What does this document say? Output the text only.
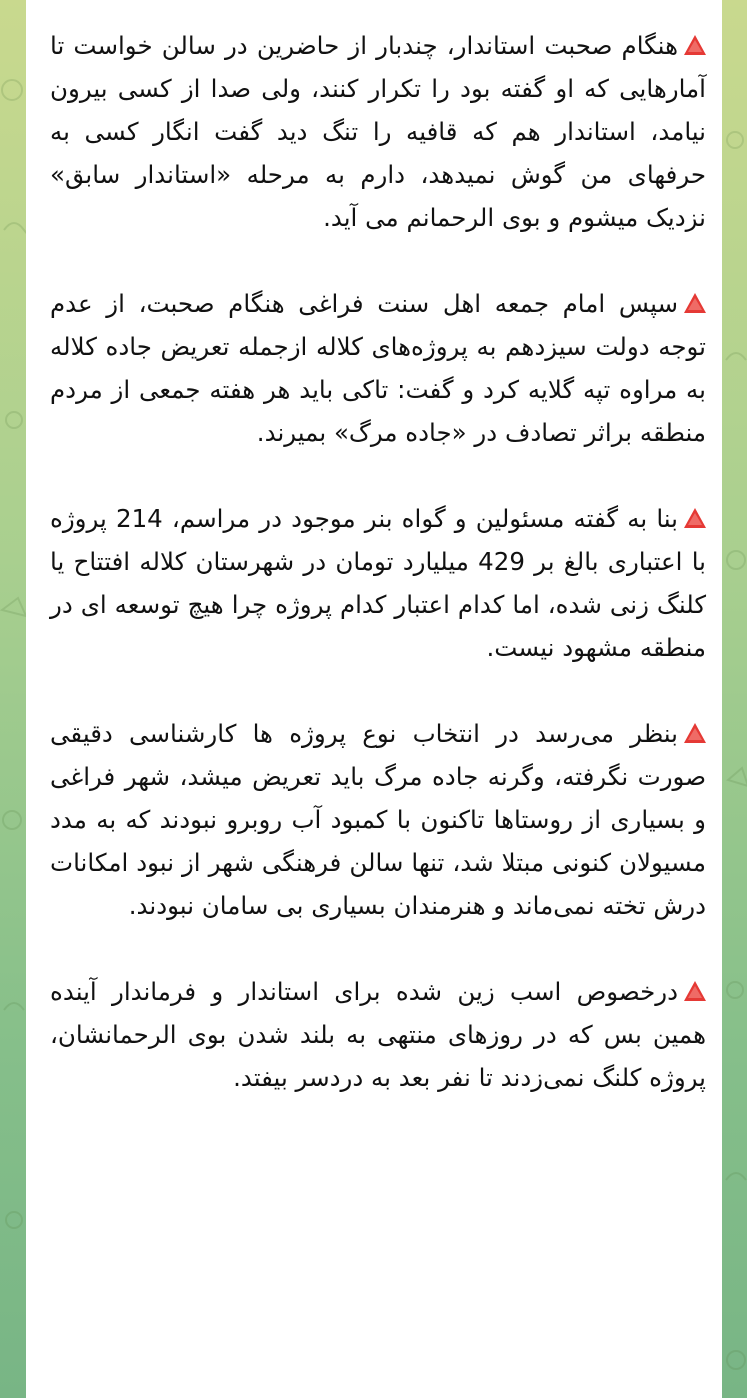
هنگام صحبت استاندار، چندبار از حاضرین در سالن خواست تا آمارهایی که او گفته بود را تکرار کنند، ولی صدا از کسی بیرون نیامد، استاندار هم که قافیه را تنگ دید گفت انگار کسی به حرفهای من گوش نمیدهد، دارم به مرحله «استاندار سابق» نزدیک میشوم و بوی الرحمانم می آید.

سپس امام جمعه اهل سنت فراغی هنگام صحبت، از عدم توجه دولت سیزدهم به پروژه‌های کلاله ازجمله تعریض جاده کلاله به مراوه تپه گلایه کرد و گفت: تاکی باید هر هفته جمعی از مردم منطقه براثر تصادف در «جاده مرگ» بمیرند.

بنا به گفته مسئولین و گواه بنر موجود در مراسم، 214 پروژه با اعتباری بالغ بر 429 میلیارد تومان در شهرستان کلاله افتتاح یا کلنگ زنی شده، اما کدام اعتبار کدام پروژه چرا هیچ توسعه ای در منطقه مشهود نیست.

بنظر می‌رسد در انتخاب نوع پروژه ها کارشناسی دقیقی صورت نگرفته، وگرنه جاده مرگ باید تعریض میشد، شهر فراغی و بسیاری از روستاها تاکنون با کمبود آب روبرو نبودند که به مدد مسیولان کنونی مبتلا شد، تنها سالن فرهنگی شهر از نبود امکانات درش تخته نمی‌ماند و هنرمندان بسیاری بی سامان نبودند.

درخصوص اسب زین شده برای استاندار و فرماندار آینده همین بس که در روزهای منتهی به بلند شدن بوی الرحمانشان، پروژه کلنگ نمی‌زدند تا نفر بعد به دردسر بیفتد.
